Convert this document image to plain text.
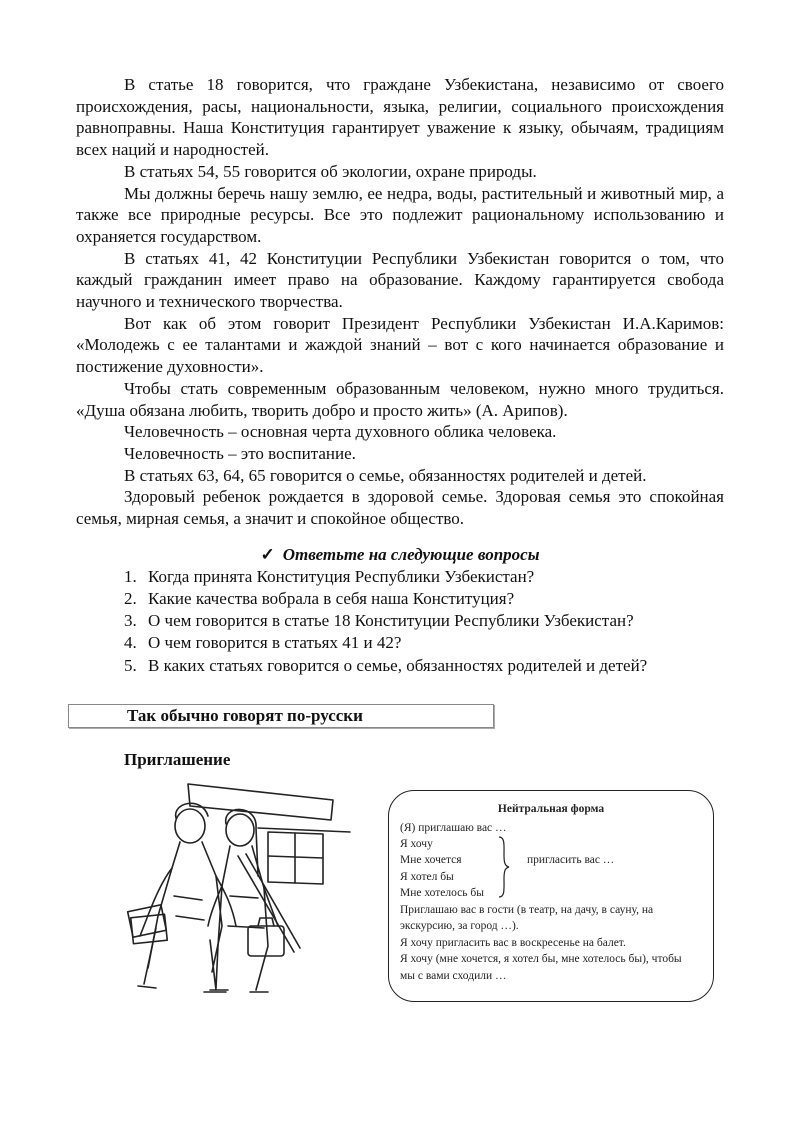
В статье 18 говорится, что граждане Узбекистана, независимо от своего происхождения, расы, национальности, языка, религии, социального происхождения равноправны. Наша Конституция гарантирует уважение к языку, обычаям, традициям всех наций и народностей.

В статьях 54, 55 говорится об экологии, охране природы.

Мы должны беречь нашу землю, ее недра, воды, растительный и животный мир, а также все природные ресурсы. Все это подлежит рациональному использованию и охраняется государством.

В статьях 41, 42 Конституции Республики Узбекистан говорится о том, что каждый гражданин имеет право на образование. Каждому гарантируется свобода научного и технического творчества.

Вот как об этом говорит Президент Республики Узбекистан И.А.Каримов: «Молодежь с ее талантами и жаждой знаний – вот с кого начинается образование и постижение духовности».

Чтобы стать современным образованным человеком, нужно много трудиться. «Душа обязана любить, творить добро и просто жить» (А. Арипов).

Человечность – основная черта духовного облика человека.

Человечность – это воспитание.

В статьях 63, 64, 65 говорится о семье, обязанностях родителей и детей.

Здоровый ребенок рождается в здоровой семье. Здоровая семья это спокойная семья, мирная семья, а значит и спокойное общество.

✓ Ответьте на следующие вопросы
1. Когда принята Конституция Республики Узбекистан?
2. Какие качества вобрала в себя наша Конституция?
3. О чем говорится в статье 18 Конституции Республики Узбекистан?
4. О чем говорится в статьях 41 и 42?
5. В каких статьях говорится о семье, обязанностях родителей и детей?
Так обычно говорят по-русски
Приглашение
Нейтральная форма
(Я) приглашаю вас …
Я хочу
Мне хочется
Я хотел бы
Мне хотелось бы
пригласить вас …
Приглашаю вас в гости (в театр, на дачу, в сауну, на
экскурсию, за город …).
Я хочу пригласить вас в воскресенье на балет.
Я хочу (мне хочется, я хотел бы, мне хотелось бы), чтобы
мы с вами сходили …
